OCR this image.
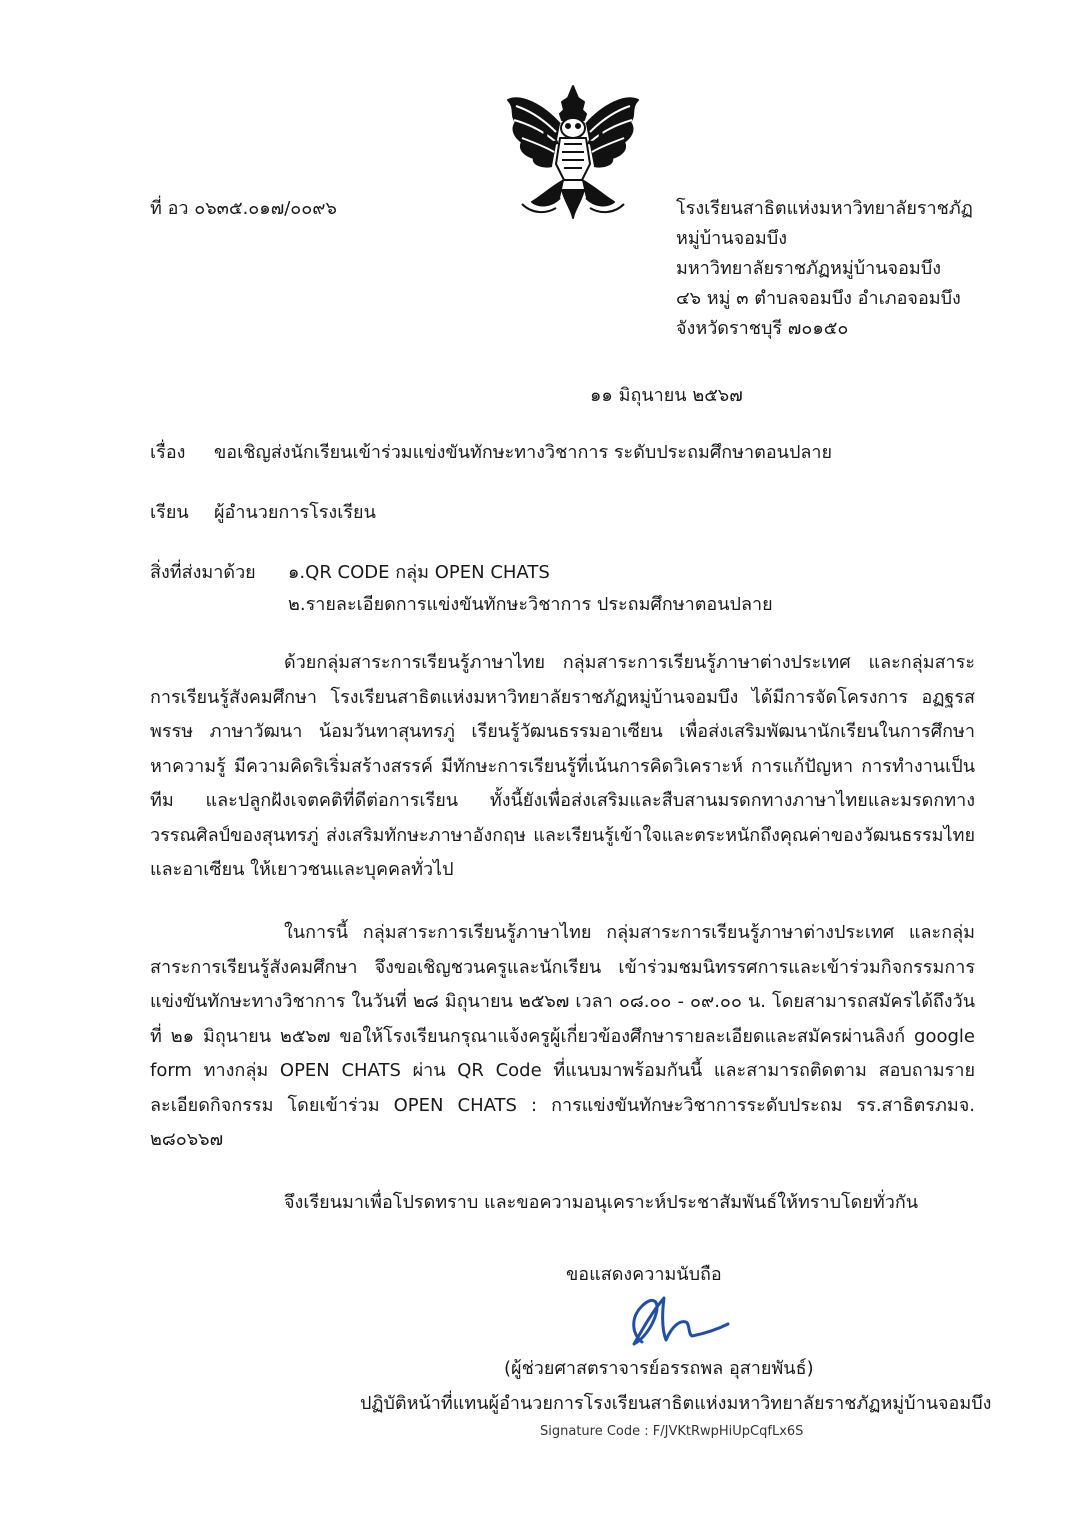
ที่ อว ๐๖๓๕.๐๑๗/๐๐๙๖	โรงเรียนสาธิตแห่งมหาวิทยาลัยราชภัฏ
หมู่บ้านจอมบึง
มหาวิทยาลัยราชภัฏหมู่บ้านจอมบึง
๔๖ หมู่ ๓ ตำบลจอมบึง อำเภอจอมบึง
จังหวัดราชบุรี ๗๐๑๕๐
๑๑ มิถุนายน ๒๕๖๗
เรื่อง ขอเชิญส่งนักเรียนเข้าร่วมแข่งขันทักษะทางวิชาการ ระดับประถมศึกษาตอนปลาย
เรียน ผู้อำนวยการโรงเรียน
สิ่งที่ส่งมาด้วย ๑.QR CODE กลุ่ม OPEN CHATS
๒.รายละเอียดการแข่งขันทักษะวิชาการ ประถมศึกษาตอนปลาย
ด้วยกลุ่มสาระการเรียนรู้ภาษาไทย กลุ่มสาระการเรียนรู้ภาษาต่างประเทศ และกลุ่มสาระการเรียนรู้สังคมศึกษา โรงเรียนสาธิตแห่งมหาวิทยาลัยราชภัฏหมู่บ้านจอมบึง ได้มีการจัดโครงการ อฏฐรสพรรษ ภาษาวัฒนา น้อมวันทาสุนทรภู่ เรียนรู้วัฒนธรรมอาเซียน เพื่อส่งเสริมพัฒนานักเรียนในการศึกษาหาความรู้ มีความคิดริเริ่มสร้างสรรค์ มีทักษะการเรียนรู้ที่เน้นการคิดวิเคราะห์ การแก้ปัญหา การทำงานเป็นทีม และปลูกฝังเจตคติที่ดีต่อการเรียน ทั้งนี้ยังเพื่อส่งเสริมและสืบสานมรดกทางภาษาไทยและมรดกทางวรรณศิลป์ของสุนทรภู่ ส่งเสริมทักษะภาษาอังกฤษ และเรียนรู้เข้าใจและตระหนักถึงคุณค่าของวัฒนธรรมไทยและอาเซียน ให้เยาวชนและบุคคลทั่วไป
ในการนี้ กลุ่มสาระการเรียนรู้ภาษาไทย กลุ่มสาระการเรียนรู้ภาษาต่างประเทศ และกลุ่มสาระการเรียนรู้สังคมศึกษา จึงขอเชิญชวนครูและนักเรียน เข้าร่วมชมนิทรรศการและเข้าร่วมกิจกรรมการแข่งขันทักษะทางวิชาการ ในวันที่ ๒๘ มิถุนายน ๒๕๖๗ เวลา ๐๘.๐๐ - ๐๙.๐๐ น. โดยสามารถสมัครได้ถึงวันที่ ๒๑ มิถุนายน ๒๕๖๗ ขอให้โรงเรียนกรุณาแจ้งครูผู้เกี่ยวข้องศึกษารายละเอียดและสมัครผ่านลิงก์ google form ทางกลุ่ม OPEN CHATS ผ่าน QR Code ที่แนบมาพร้อมกันนี้ และสามารถติดตาม สอบถามรายละเอียดกิจกรรม โดยเข้าร่วม OPEN CHATS : การแข่งขันทักษะวิชาการระดับประถม รร.สาธิตรภมจ. ๒๘๐๖๖๗
จึงเรียนมาเพื่อโปรดทราบ และขอความอนุเคราะห์ประชาสัมพันธ์ให้ทราบโดยทั่วกัน
ขอแสดงความนับถือ
(ผู้ช่วยศาสตราจารย์อรรถพล อุสายพันธ์)
ปฏิบัติหน้าที่แทนผู้อำนวยการโรงเรียนสาธิตแห่งมหาวิทยาลัยราชภัฏหมู่บ้านจอมบึง
Signature Code : F/JVKtRwpHiUpCqfLx6S
